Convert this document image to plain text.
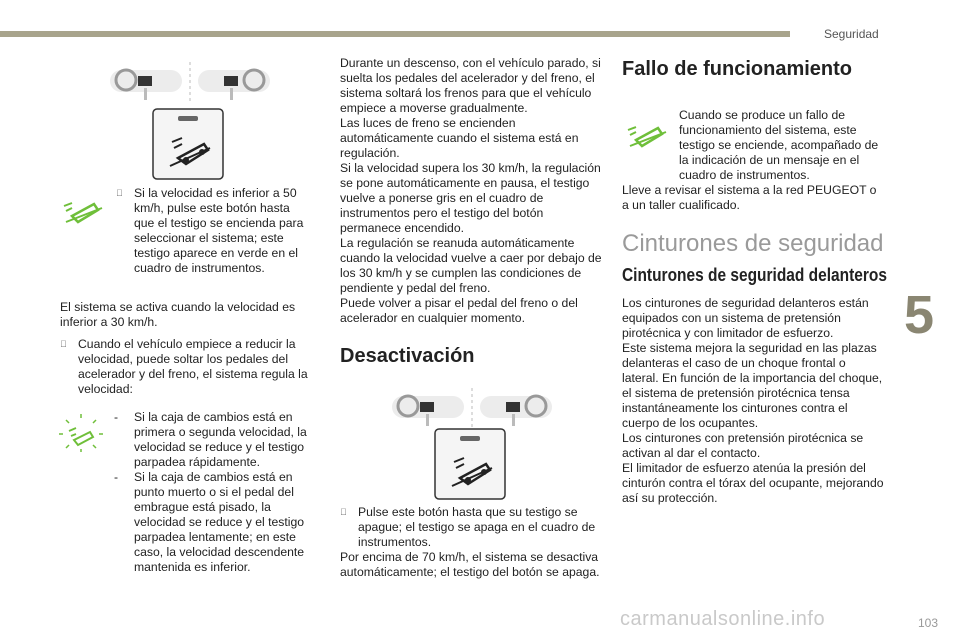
Seguridad
5
Si la velocidad es inferior a 50 km/h, pulse este botón hasta que el testigo se encienda para seleccionar el sistema; este testigo aparece en verde en el cuadro de instrumentos.

El sistema se activa cuando la velocidad es inferior a 30 km/h.

Cuando el vehículo empiece a reducir la velocidad, puede soltar los pedales del acelerador y del freno, el sistema regula la velocidad:
-	Si la caja de cambios está en primera o segunda velocidad, la velocidad se reduce y el testigo parpadea rápidamente.
-	Si la caja de cambios está en punto muerto o si el pedal del embrague está pisado, la velocidad se reduce y el testigo parpadea lentamente; en este caso, la velocidad descendente mantenida es inferior.

Durante un descenso, con el vehículo parado, si suelta los pedales del acelerador y del freno, el sistema soltará los frenos para que el vehículo empiece a moverse gradualmente.

Las luces de freno se encienden automáticamente cuando el sistema está en regulación.

Si la velocidad supera los 30 km/h, la regulación se pone automáticamente en pausa, el testigo vuelve a ponerse gris en el cuadro de instrumentos pero el testigo del botón permanece encendido.

La regulación se reanuda automáticamente cuando la velocidad vuelve a caer por debajo de los 30 km/h y se cumplen las condiciones de pendiente y pedal del freno.

Puede volver a pisar el pedal del freno o del acelerador en cualquier momento.

Desactivación
Pulse este botón hasta que su testigo se apague; el testigo se apaga en el cuadro de instrumentos.

Por encima de 70 km/h, el sistema se desactiva automáticamente; el testigo del botón se apaga.

Fallo de funcionamiento

Cuando se produce un fallo de funcionamiento del sistema, este testigo se enciende, acompañado de la indicación de un mensaje en el cuadro de instrumentos.

Lleve a revisar el sistema a la red PEUGEOT o a un taller cualificado.

Cinturones de seguridad
Cinturones de seguridad delanteros

Los cinturones de seguridad delanteros están equipados con un sistema de pretensión pirotécnica y con limitador de esfuerzo.

Este sistema mejora la seguridad en las plazas delanteras el caso de un choque frontal o lateral. En función de la importancia del choque, el sistema de pretensión pirotécnica tensa instantáneamente los cinturones contra el cuerpo de los ocupantes.

Los cinturones con pretensión pirotécnica se activan al dar el contacto.

El limitador de esfuerzo atenúa la presión del cinturón contra el tórax del ocupante, mejorando así su protección.

carmanualsonline.info	103
